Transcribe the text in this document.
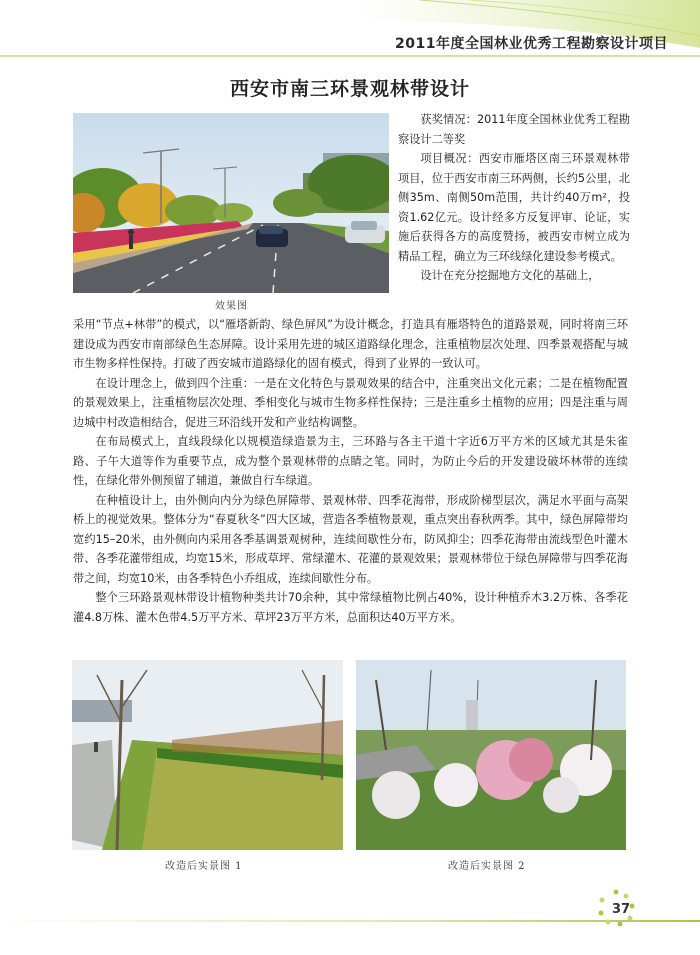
2011年度全国林业优秀工程勘察设计项目
西安市南三环景观林带设计
效果图

获奖情况：2011年度全国林业优秀工程勘察设计二等奖

项目概况：西安市雁塔区南三环景观林带项目，位于西安市南三环两侧，长约5公里，北侧35m、南侧50m范围，共计约40万m²，投资1.62亿元。设计经多方反复评审、论证，实施后获得各方的高度赞扬，被西安市树立成为精品工程，确立为三环线绿化建设参考模式。

设计在充分挖掘地方文化的基础上，

采用“节点+林带”的模式，以“雁塔新韵、绿色屏风”为设计概念，打造具有雁塔特色的道路景观，同时将南三环建设成为西安市南部绿色生态屏障。设计采用先进的城区道路绿化理念，注重植物层次处理、四季景观搭配与城市生物多样性保持。打破了西安城市道路绿化的固有模式，得到了业界的一致认可。

在设计理念上，做到四个注重：一是在文化特色与景观效果的结合中，注重突出文化元素；二是在植物配置的景观效果上，注重植物层次处理、季相变化与城市生物多样性保持；三是注重乡土植物的应用；四是注重与周边城中村改造相结合，促进三环沿线开发和产业结构调整。

在布局模式上，直线段绿化以规模造绿造景为主，三环路与各主干道十字近6万平方米的区域尤其是朱雀路、子午大道等作为重要节点，成为整个景观林带的点睛之笔。同时，为防止今后的开发建设破坏林带的连续性，在绿化带外侧预留了辅道，兼做自行车绿道。

在种植设计上，由外侧向内分为绿色屏障带、景观林带、四季花海带，形成阶梯型层次，满足水平面与高架桥上的视觉效果。整体分为“春夏秋冬”四大区域，营造各季植物景观，重点突出春秋两季。其中，绿色屏障带均宽约15–20米，由外侧向内采用各季基调景观树种，连续间歇性分布，防风抑尘；四季花海带由流线型色叶灌木带、各季花灌带组成，均宽15米，形成草坪、常绿灌木、花灌的景观效果；景观林带位于绿色屏障带与四季花海带之间，均宽10米，由各季特色小乔组成，连续间歇性分布。

整个三环路景观林带设计植物种类共计70余种，其中常绿植物比例占40%，设计种植乔木3.2万株、各季花灌4.8万株、灌木色带4.5万平方米、草坪23万平方米，总面积达40万平方米。

改造后实景图 1	改造后实景图 2
37
